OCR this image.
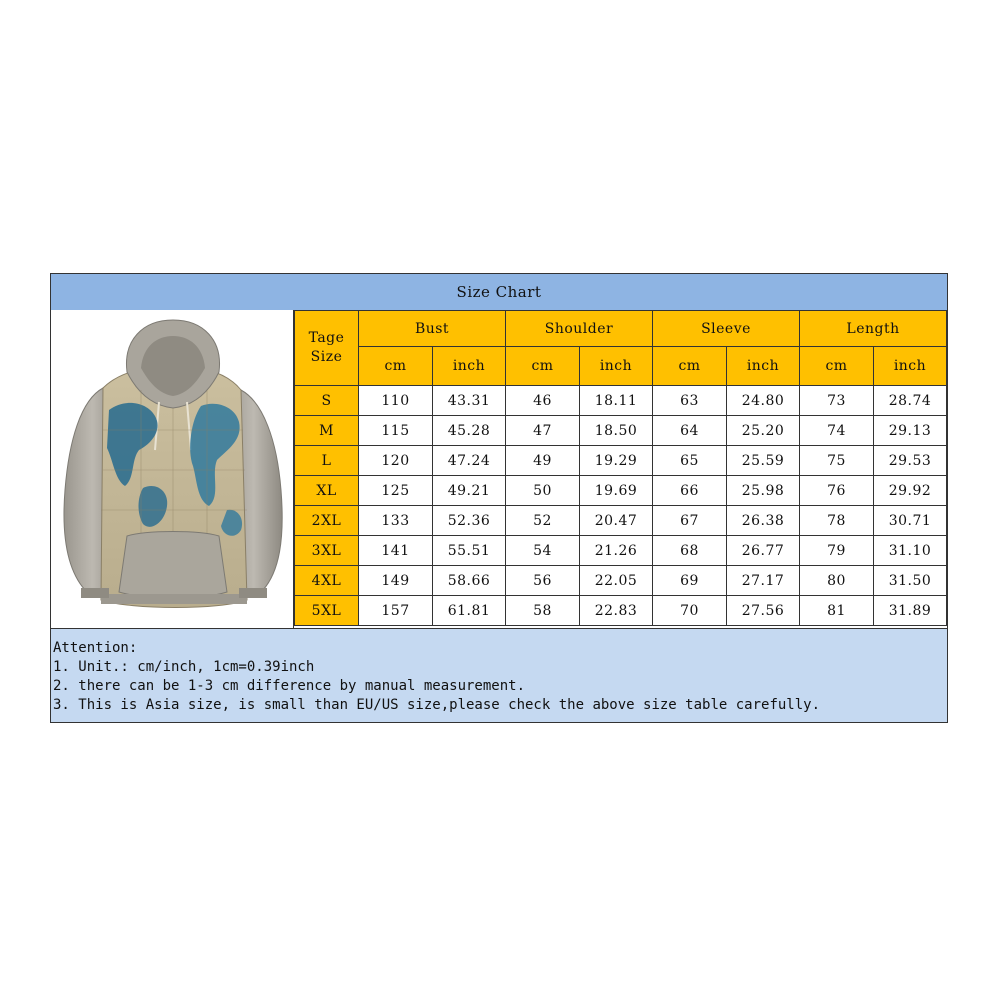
Size Chart
Tage
Size	Bust		Shoulder		Sleeve		Length	
	cm	inch	cm	inch	cm	inch	cm	inch
S	110	43.31	46	18.11	63	24.80	73	28.74
M	115	45.28	47	18.50	64	25.20	74	29.13
L	120	47.24	49	19.29	65	25.59	75	29.53
XL	125	49.21	50	19.69	66	25.98	76	29.92
2XL	133	52.36	52	20.47	67	26.38	78	30.71
3XL	141	55.51	54	21.26	68	26.77	79	31.10
4XL	149	58.66	56	22.05	69	27.17	80	31.50
5XL	157	61.81	58	22.83	70	27.56	81	31.89
Attention:
1. Unit.: cm/inch, 1cm=0.39inch
2. there can be 1-3 cm difference by manual measurement.
3. This is Asia size, is small than EU/US size,please check the above size table carefully.
